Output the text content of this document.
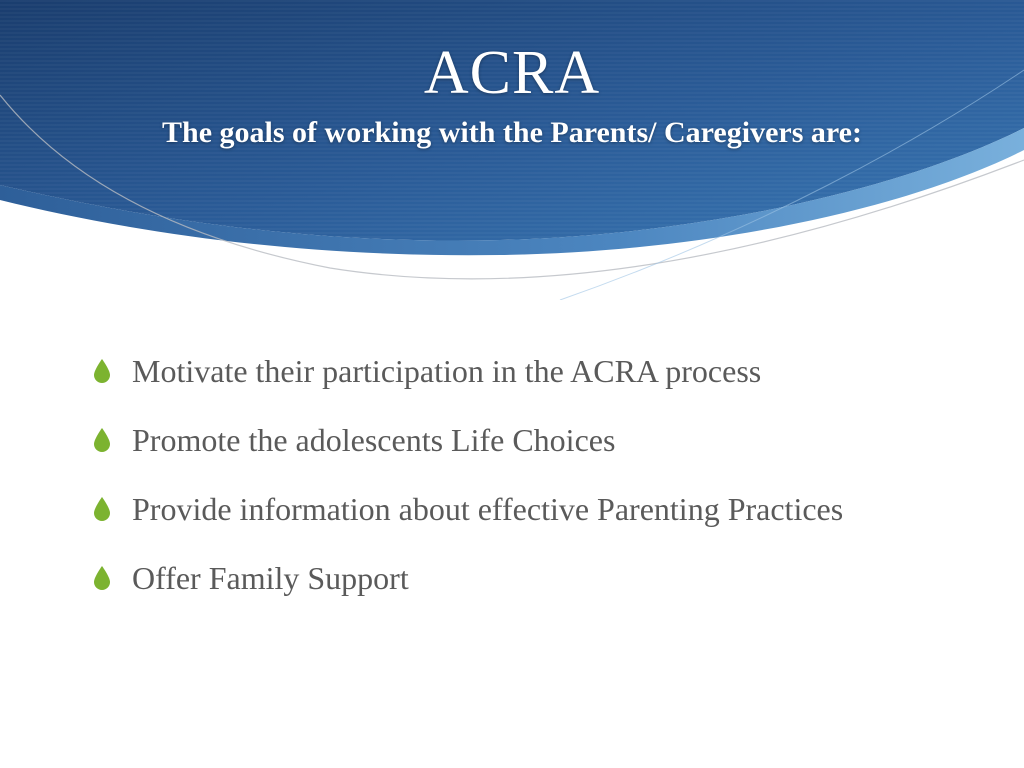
ACRA
The goals of working with the Parents/ Caregivers are:
Motivate their participation in the ACRA process
Promote the adolescents Life Choices
Provide information about effective Parenting Practices
Offer Family Support
